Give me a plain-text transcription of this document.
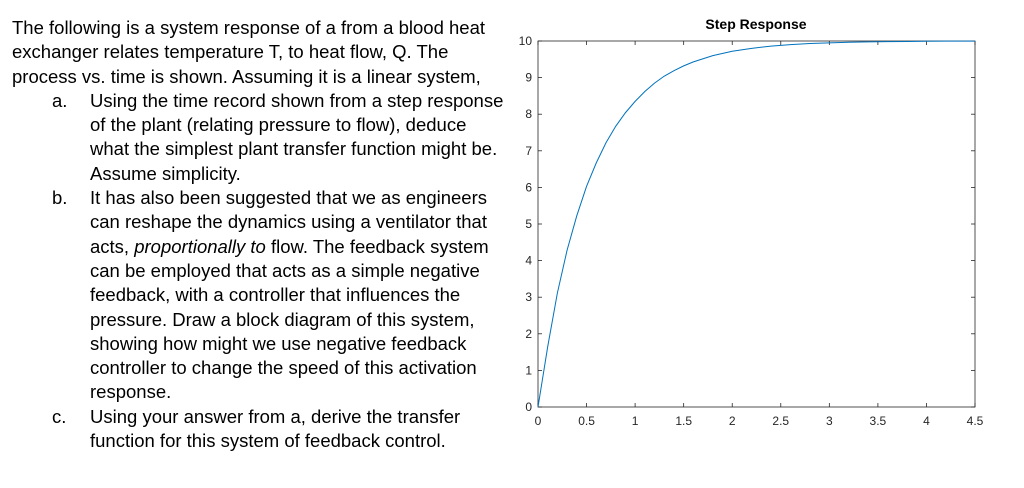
The following is a system response of a from a blood heat exchanger relates temperature T, to heat flow, Q. The process vs. time is shown. Assuming it is a linear system,

a. Using the time record shown from a step response of the plant (relating pressure to flow), deduce what the simplest plant transfer function might be. Assume simplicity.
b. It has also been suggested that we as engineers can reshape the dynamics using a ventilator that acts, proportionally to flow. The feedback system can be employed that acts as a simple negative feedback, with a controller that influences the pressure. Draw a block diagram of this system, showing how might we use negative feedback controller to change the speed of this activation response.
c. Using your answer from a, derive the transfer function for this system of feedback control.
Step Response
0	0.5	1	1.5	2	2.5	3	3.5	4	4.5
0
1
2
3
4
5
6
7
8
9
10
